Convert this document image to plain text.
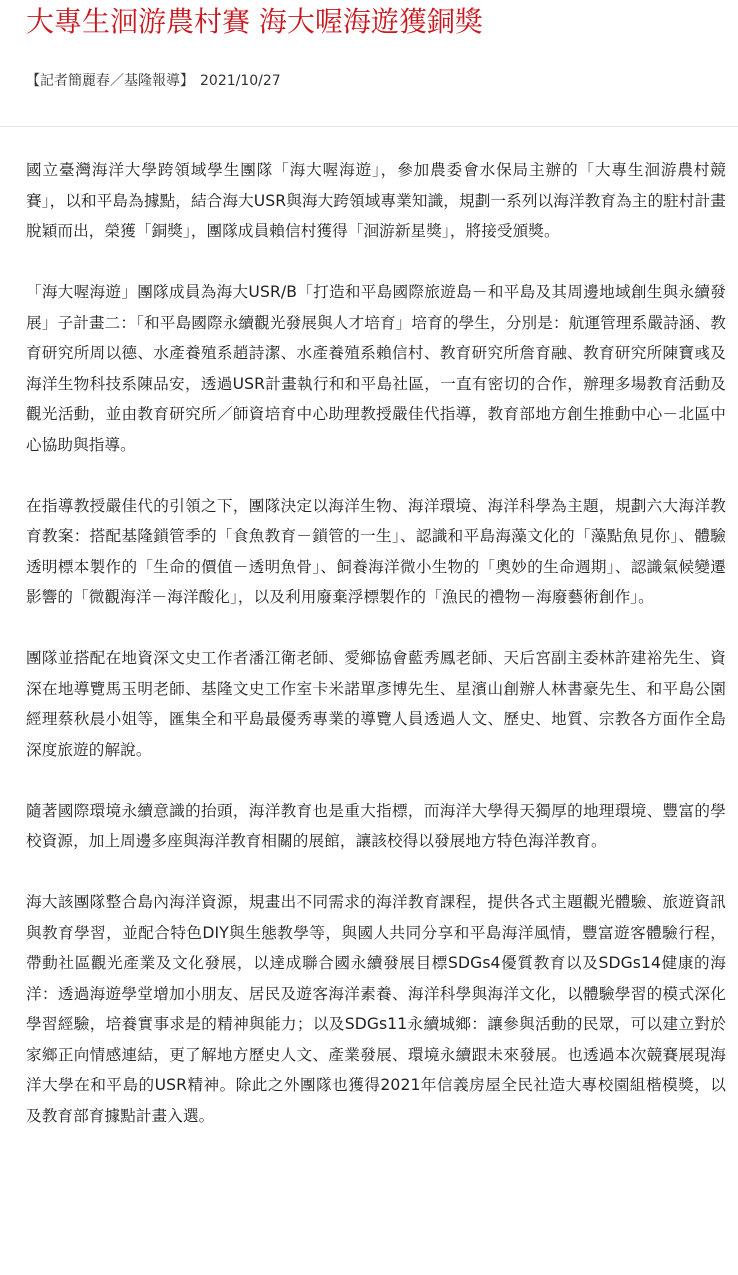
大專生洄游農村賽 海大喔海遊獲銅獎

【記者簡麗春／基隆報導】 2021/10/27

國立臺灣海洋大學跨領域學生團隊「海大喔海遊」，參加農委會水保局主辦的「大專生洄游農村競賽」，以和平島為據點，結合海大USR與海大跨領域專業知識，規劃一系列以海洋教育為主的駐村計畫脫穎而出，榮獲「銅獎」，團隊成員賴信村獲得「洄游新星獎」，將接受頒獎。

「海大喔海遊」團隊成員為海大USR/B「打造和平島國際旅遊島－和平島及其周邊地域創生與永續發展」子計畫二：「和平島國際永續觀光發展與人才培育」培育的學生，分別是：航運管理系嚴詩涵、教育研究所周以德、水產養殖系趙詩潔、水產養殖系賴信村、教育研究所詹育融、教育研究所陳寶彧及海洋生物科技系陳品安，透過USR計畫執行和和平島社區，一直有密切的合作，辦理多場教育活動及觀光活動，並由教育研究所／師資培育中心助理教授嚴佳代指導，教育部地方創生推動中心－北區中心協助與指導。

在指導教授嚴佳代的引領之下，團隊決定以海洋生物、海洋環境、海洋科學為主題，規劃六大海洋教育教案：搭配基隆鎖管季的「食魚教育－鎖管的一生」、認識和平島海藻文化的「藻點魚見你」、體驗透明標本製作的「生命的價值－透明魚骨」、飼養海洋微小生物的「奧妙的生命週期」、認識氣候變遷影響的「微觀海洋－海洋酸化」，以及利用廢棄浮標製作的「漁民的禮物－海廢藝術創作」。

團隊並搭配在地資深文史工作者潘江衛老師、愛鄉協會藍秀鳳老師、天后宮副主委林許建裕先生、資深在地導覽馬玉明老師、基隆文史工作室卡米諾單彥博先生、星濱山創辦人林書豪先生、和平島公園經理蔡秋晨小姐等，匯集全和平島最優秀專業的導覽人員透過人文、歷史、地質、宗教各方面作全島深度旅遊的解說。

隨著國際環境永續意識的抬頭，海洋教育也是重大指標，而海洋大學得天獨厚的地理環境、豐富的學校資源，加上周邊多座與海洋教育相關的展館，讓該校得以發展地方特色海洋教育。

海大該團隊整合島內海洋資源，規畫出不同需求的海洋教育課程，提供各式主題觀光體驗、旅遊資訊與教育學習，並配合特色DIY與生態教學等，與國人共同分享和平島海洋風情，豐富遊客體驗行程，帶動社區觀光產業及文化發展，以達成聯合國永續發展目標SDGs4優質教育以及SDGs14健康的海洋：透過海遊學堂增加小朋友、居民及遊客海洋素養、海洋科學與海洋文化，以體驗學習的模式深化學習經驗，培養實事求是的精神與能力；以及SDGs11永續城鄉：讓參與活動的民眾，可以建立對於家鄉正向情感連結，更了解地方歷史人文、產業發展、環境永續跟未來發展。也透過本次競賽展現海洋大學在和平島的USR精神。除此之外團隊也獲得2021年信義房屋全民社造大專校園組楷模獎，以及教育部育據點計畫入選。
